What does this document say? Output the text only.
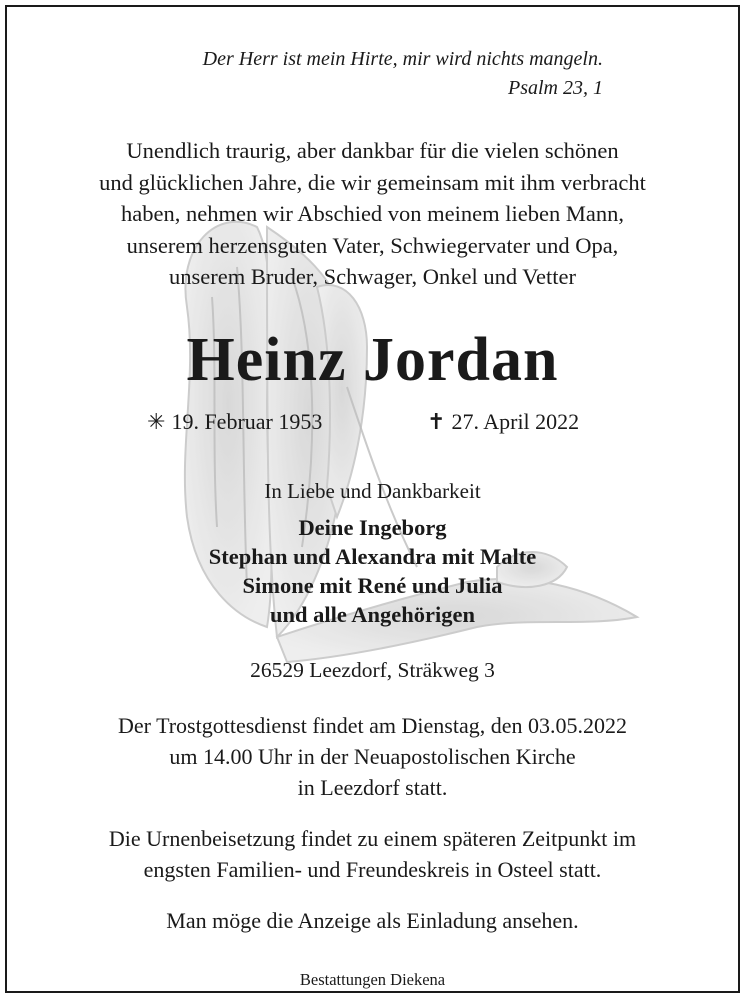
Der Herr ist mein Hirte, mir wird nichts mangeln.
Psalm 23, 1
Unendlich traurig, aber dankbar für die vielen schönen
und glücklichen Jahre, die wir gemeinsam mit ihm verbracht
haben, nehmen wir Abschied von meinem lieben Mann,
unserem herzensguten Vater, Schwiegervater und Opa,
unserem Bruder, Schwager, Onkel und Vetter
Heinz Jordan
✳ 19. Februar 1953	✝ 27. April 2022
In Liebe und Dankbarkeit
Deine Ingeborg
Stephan und Alexandra mit Malte
Simone mit René und Julia
und alle Angehörigen
26529 Leezdorf, Sträkweg 3
Der Trostgottesdienst findet am Dienstag, den 03.05.2022
um 14.00 Uhr in der Neuapostolischen Kirche
in Leezdorf statt.
Die Urnenbeisetzung findet zu einem späteren Zeitpunkt im
engsten Familien- und Freundeskreis in Osteel statt.
Man möge die Anzeige als Einladung ansehen.
Bestattungen Diekena
